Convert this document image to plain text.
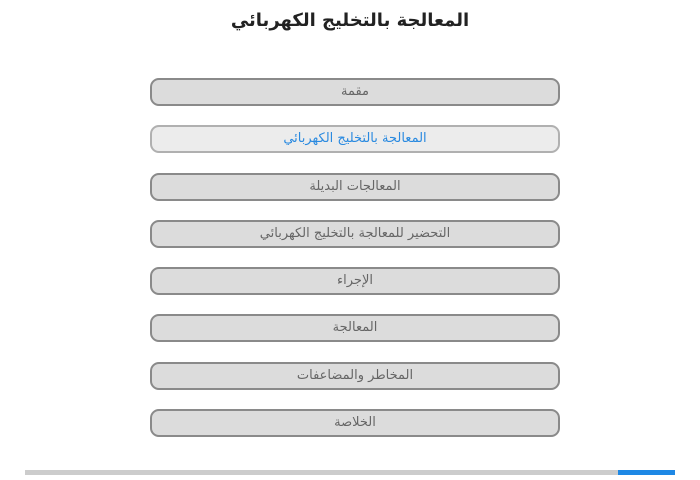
المعالجة بالتخليج الكهربائي
مقمة
المعالجة بالتخليج الكهربائي
المعالجات البديلة
التحضير للمعالجة بالتخليج الكهربائي
الإجراء
المعالجة
المخاطر والمضاعفات
الخلاصة
